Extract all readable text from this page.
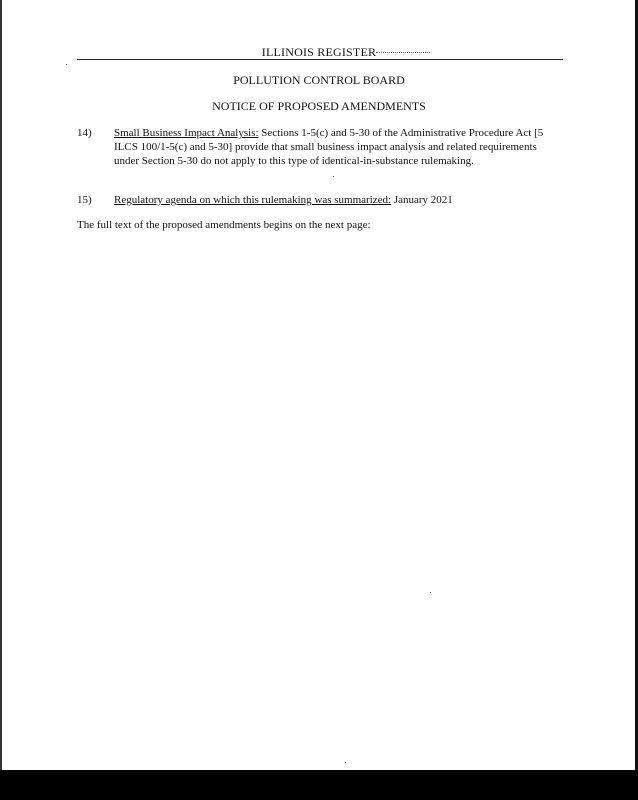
ILLINOIS REGISTER
POLLUTION CONTROL BOARD
NOTICE OF PROPOSED AMENDMENTS
14)	Small Business Impact Analysis: Sections 1-5(c) and 5-30 of the Administrative Procedure Act [5 ILCS 100/1-5(c) and 5-30] provide that small business impact analysis and related requirements under Section 5-30 do not apply to this type of identical-in-substance rulemaking.
15)	Regulatory agenda on which this rulemaking was summarized: January 2021
The full text of the proposed amendments begins on the next page:
